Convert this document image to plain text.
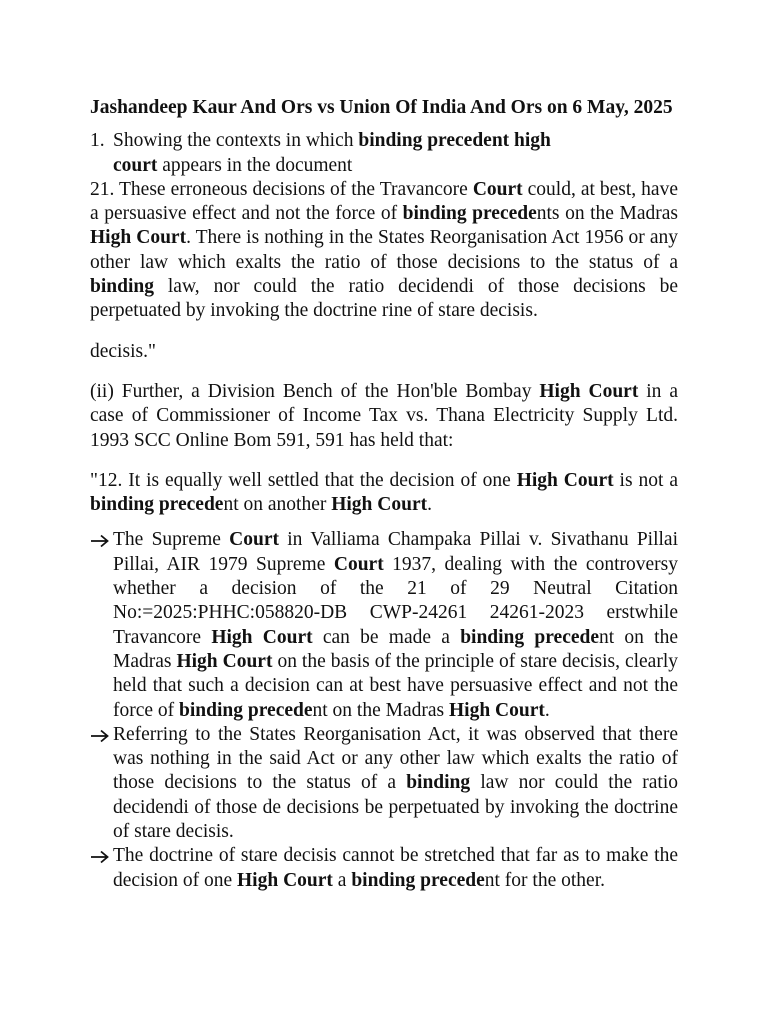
Jashandeep Kaur And Ors vs Union Of India And Ors on 6 May, 2025
1. Showing the contexts in which binding precedent high court appears in the document

21. These erroneous decisions of the Travancore Court could, at best, have a persuasive effect and not the force of binding precedents on the Madras High Court. There is nothing in the States Reorganisation Act 1956 or any other law which exalts the ratio of those decisions to the status of a binding law, nor could the ratio decidendi of those decisions be perpetuated by invoking the doctrine rine of stare decisis.

decisis."

(ii) Further, a Division Bench of the Hon'ble Bombay High Court in a case of Commissioner of Income Tax vs. Thana Electricity Supply Ltd. 1993 SCC Online Bom 591, 591 has held that:

"12. It is equally well settled that the decision of one High Court is not a binding precedent on another High Court.

The Supreme Court in Valliama Champaka Pillai v. Sivathanu Pillai Pillai, AIR 1979 Supreme Court 1937, dealing with the controversy whether a decision of the 21 of 29 Neutral Citation No:=2025:PHHC:058820-DB CWP-24261 24261-2023 erstwhile Travancore High Court can be made a binding precedent on the Madras High Court on the basis of the principle of stare decisis, clearly held that such a decision can at best have persuasive effect and not the force of binding precedent on the Madras High Court.
Referring to the States Reorganisation Act, it was observed that there was nothing in the said Act or any other law which exalts the ratio of those decisions to the status of a binding law nor could the ratio decidendi of those de decisions be perpetuated by invoking the doctrine of stare decisis.
The doctrine of stare decisis cannot be stretched that far as to make the decision of one High Court a binding precedent for the other.
